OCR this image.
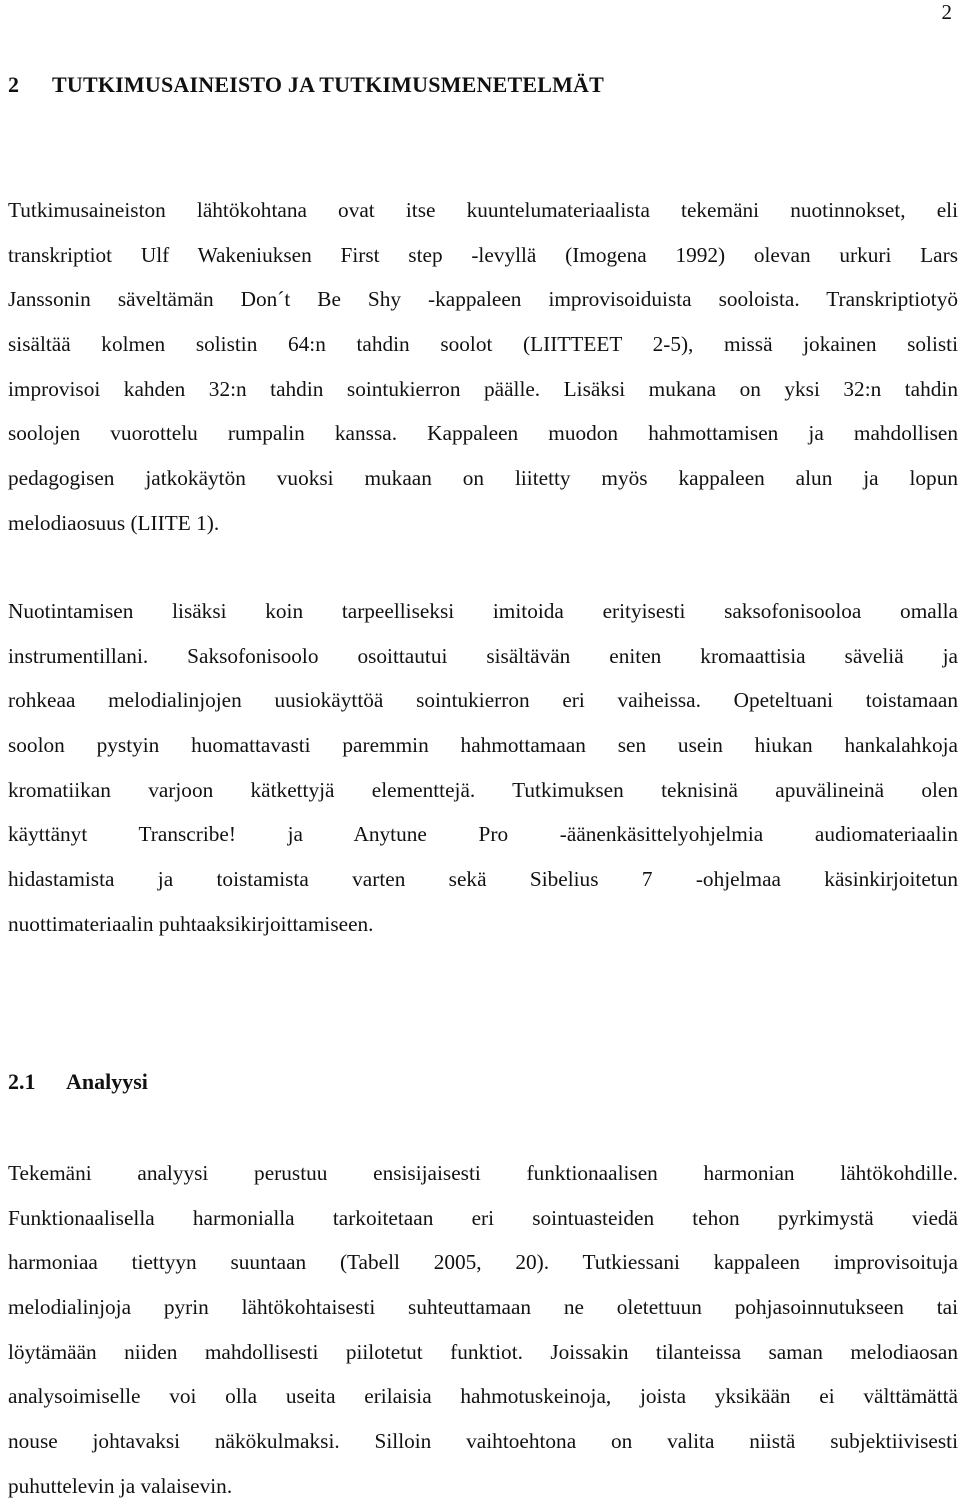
2
2 TUTKIMUSAINEISTO JA TUTKIMUSMENETELMÄT
Tutkimusaineiston lähtökohtana ovat itse kuuntelumateriaalista tekemäni nuotinnokset, eli
transkriptiot Ulf Wakeniuksen First step -levyllä (Imogena 1992) olevan urkuri Lars
Janssonin säveltämän Don´t Be Shy -kappaleen improvisoiduista sooloista. Transkriptiotyö
sisältää kolmen solistin 64:n tahdin soolot (LIITTEET 2-5), missä jokainen solisti
improvisoi kahden 32:n tahdin sointukierron päälle. Lisäksi mukana on yksi 32:n tahdin
soolojen vuorottelu rumpalin kanssa. Kappaleen muodon hahmottamisen ja mahdollisen
pedagogisen jatkokäytön vuoksi mukaan on liitetty myös kappaleen alun ja lopun
melodiaosuus (LIITE 1).
Nuotintamisen lisäksi koin tarpeelliseksi imitoida erityisesti saksofonisooloa omalla
instrumentillani. Saksofonisoolo osoittautui sisältävän eniten kromaattisia säveliä ja
rohkeaa melodialinjojen uusiokäyttöä sointukierron eri vaiheissa. Opeteltuani toistamaan
soolon pystyin huomattavasti paremmin hahmottamaan sen usein hiukan hankalahkoja
kromatiikan varjoon kätkettyjä elementtejä. Tutkimuksen teknisinä apuvälineinä olen
käyttänyt Transcribe! ja Anytune Pro -äänenkäsittelyohjelmia audiomateriaalin
hidastamista ja toistamista varten sekä Sibelius 7 -ohjelmaa käsinkirjoitetun
nuottimateriaalin puhtaaksikirjoittamiseen.
2.1 Analyysi
Tekemäni analyysi perustuu ensisijaisesti funktionaalisen harmonian lähtökohdille.
Funktionaalisella harmonialla tarkoitetaan eri sointuasteiden tehon pyrkimystä viedä
harmoniaa tiettyyn suuntaan (Tabell 2005, 20). Tutkiessani kappaleen improvisoituja
melodialinjoja pyrin lähtökohtaisesti suhteuttamaan ne oletettuun pohjasoinnutukseen tai
löytämään niiden mahdollisesti piilotetut funktiot. Joissakin tilanteissa saman melodiaosan
analysoimiselle voi olla useita erilaisia hahmotuskeinoja, joista yksikään ei välttämättä
nouse johtavaksi näkökulmaksi. Silloin vaihtoehtona on valita niistä subjektiivisesti
puhuttelevin ja valaisevin.
